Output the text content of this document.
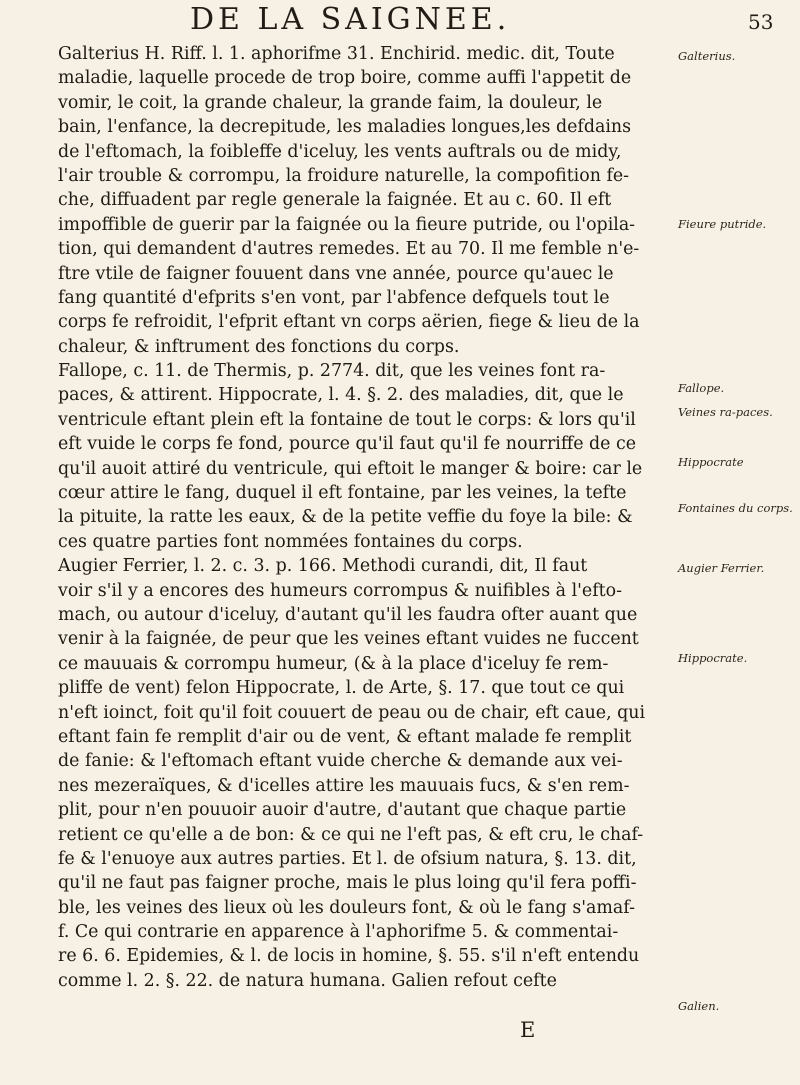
DE LA SAIGNEE.	53
Galterius H. Riff. l. 1. aphorifme 31. Enchirid. medic. dit, Toute
maladie, laquelle procede de trop boire, comme auffi l'appetit de
vomir, le coit, la grande chaleur, la grande faim, la douleur, le
bain, l'enfance, la decrepitude, les maladies longues,les defdains
de l'eftomach, la foibleffe d'iceluy, les vents auftrals ou de midy,
l'air trouble & corrompu, la froidure naturelle, la compofition fe-
che, diffuadent par regle generale la faignée. Et au c. 60. Il eft
impoffible de guerir par la faignée ou la fieure putride, ou l'opila-
tion, qui demandent d'autres remedes. Et au 70. Il me femble n'e-
ftre vtile de faigner fouuent dans vne année, pource qu'auec le
fang quantité d'efprits s'en vont, par l'abfence defquels tout le
corps fe refroidit, l'efprit eftant vn corps aërien, fiege & lieu de la
chaleur, & inftrument des fonctions du corps.
Fallope, c. 11. de Thermis, p. 2774. dit, que les veines font ra-
paces, & attirent. Hippocrate, l. 4. §. 2. des maladies, dit, que le
ventricule eftant plein eft la fontaine de tout le corps: & lors qu'il
eft vuide le corps fe fond, pource qu'il faut qu'il fe nourriffe de ce
qu'il auoit attiré du ventricule, qui eftoit le manger & boire: car le
cœur attire le fang, duquel il eft fontaine, par les veines, la tefte
la pituite, la ratte les eaux, & de la petite veffie du foye la bile: &
ces quatre parties font nommées fontaines du corps.
Augier Ferrier, l. 2. c. 3. p. 166. Methodi curandi, dit, Il faut
voir s'il y a encores des humeurs corrompus & nuifibles à l'efto-
mach, ou autour d'iceluy, d'autant qu'il les faudra ofter auant que
venir à la faignée, de peur que les veines eftant vuides ne fuccent
ce mauuais & corrompu humeur, (& à la place d'iceluy fe rem-
pliffe de vent) felon Hippocrate, l. de Arte, §. 17. que tout ce qui
n'eft ioinct, foit qu'il foit couuert de peau ou de chair, eft caue, qui
eftant fain fe remplit d'air ou de vent, & eftant malade fe remplit
de fanie: & l'eftomach eftant vuide cherche & demande aux vei-
nes mezeraïques, & d'icelles attire les mauuais fucs, & s'en rem-
plit, pour n'en pouuoir auoir d'autre, d'autant que chaque partie
retient ce qu'elle a de bon: & ce qui ne l'eft pas, & eft cru, le chaf-
fe & l'enuoye aux autres parties. Et l. de ofsium natura, §. 13. dit,
qu'il ne faut pas faigner proche, mais le plus loing qu'il fera poffi-
ble, les veines des lieux où les douleurs font, & où le fang s'amaf-
f. Ce qui contrarie en apparence à l'aphorifme 5. & commentai-
re 6. 6. Epidemies, & l. de locis in homine, §. 55. s'il n'eft entendu
comme l. 2. §. 22. de natura humana. Galien refout cefte
Galterius.
Fieure putride.
Fallope.
Veines ra-paces.
Hippocrate
Fontaines du corps.
Augier Ferrier.
Hippocrate.
Galien.
E
